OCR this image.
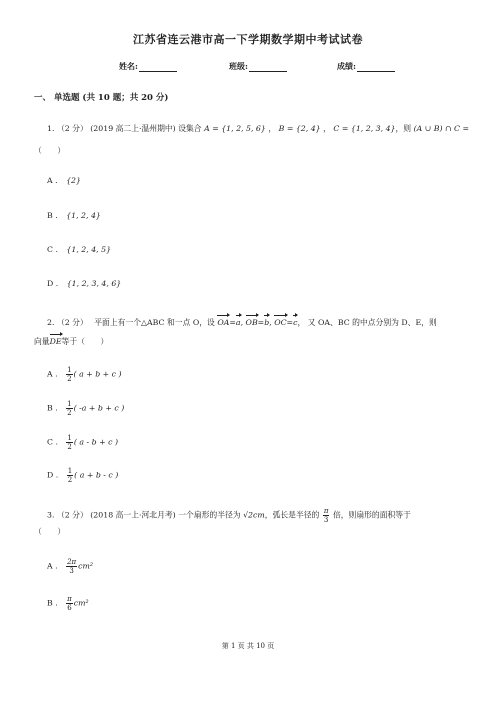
江苏省连云港市高一下学期数学期中考试试卷
姓名:	班级:	成绩:
一、 单选题 (共 10 题；共 20 分)
1. （2 分） (2019 高二上·温州期中) 设集合 A = {1, 2, 5, 6} ， B = {2, 4} ， C = {1, 2, 3, 4}，则 (A ∪ B) ∩ C =
（　　）
A . {2}
B . {1, 2, 4}
C . {1, 2, 4, 5}
D . {1, 2, 3, 4, 6}
2. （2 分） 平面上有一个△ABC 和一点 O，设 OA=a, OB=b, OC=c， 又 OA、BC 的中点分别为 D、E，则
向量DE等于（　　）
A . $\frac{1}{2}$ ( a + b + c )
B . $\frac{1}{2}$ ( -a + b + c )
C . $\frac{1}{2}$ ( a - b + c )
D . $\frac{1}{2}$ ( a + b - c )
3. （2 分） (2018 高一上·河北月考) 一个扇形的半径为 √2cm，弧长是半径的 $\frac{\pi}{3}$ 倍，则扇形的面积等于
（　　）
A . $\frac{2\pi}{3} cm^2$
B . $\frac{\pi}{6} cm^2$
第 1 页 共 10 页
